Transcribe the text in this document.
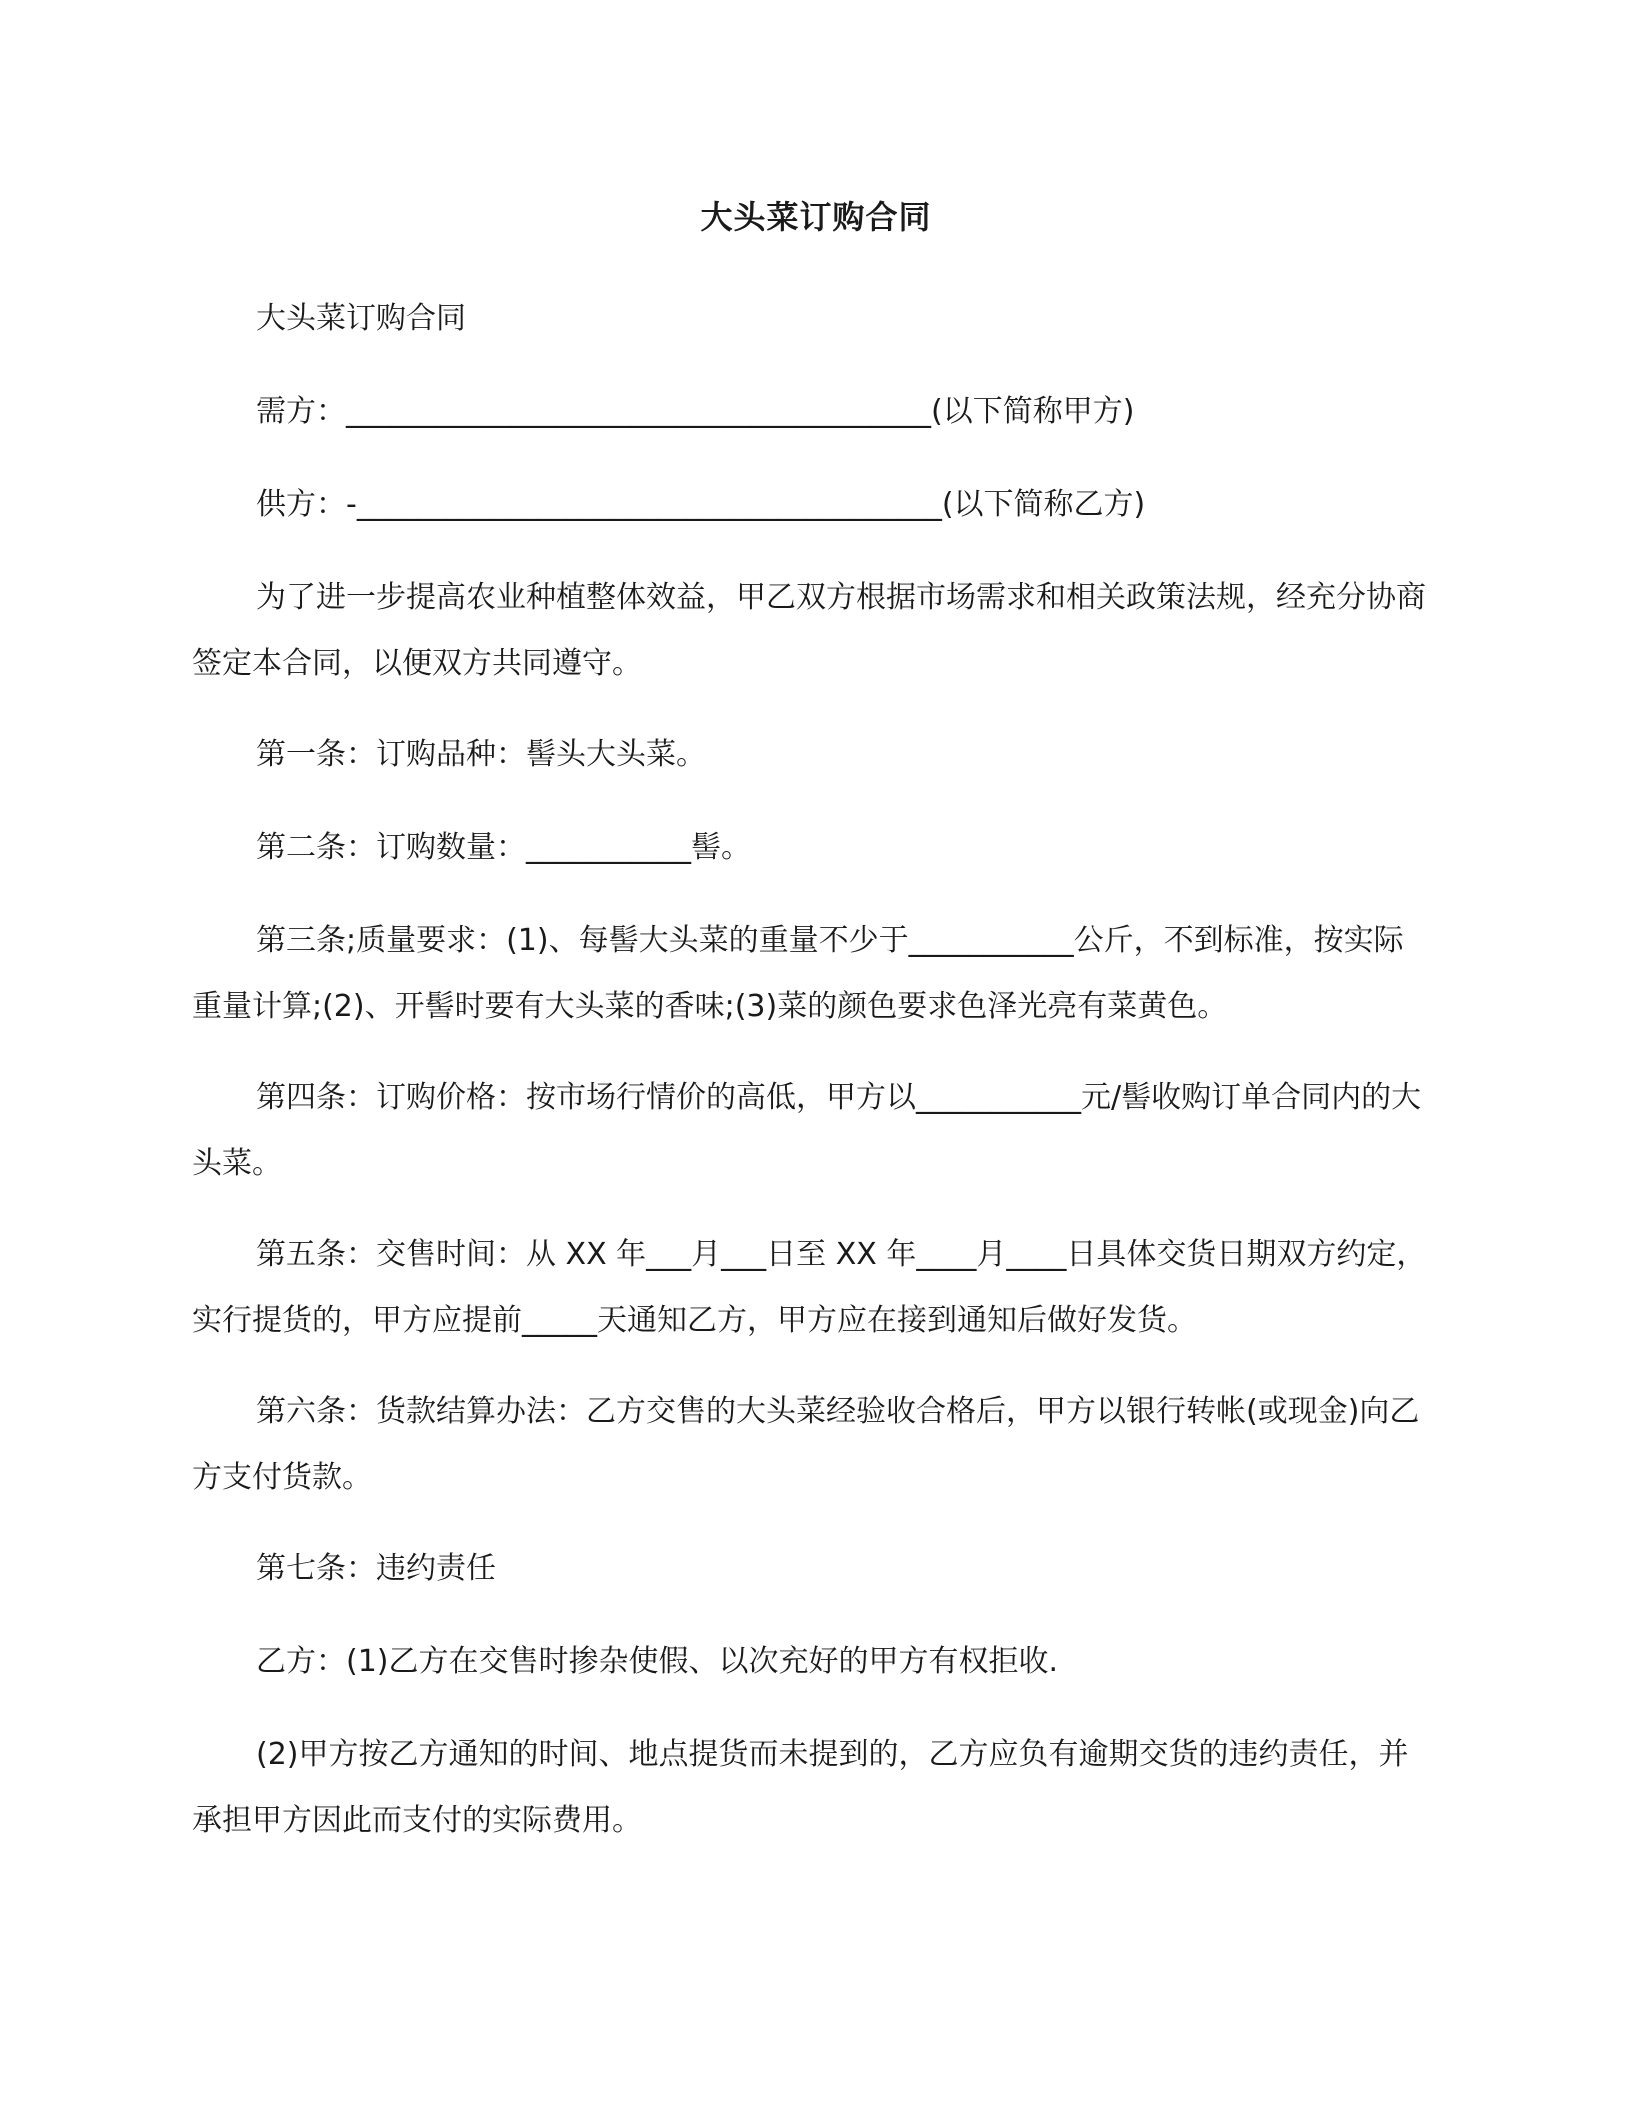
大头菜订购合同

大头菜订购合同

需方：_______________________________________(以下简称甲方)

供方：-_______________________________________(以下简称乙方)

为了进一步提高农业种植整体效益，甲乙双方根据市场需求和相关政策法规，经充分协商签定本合同，以便双方共同遵守。

第一条：订购品种：髻头大头菜。

第二条：订购数量：___________髻。

第三条;质量要求：(1)、每髻大头菜的重量不少于___________公斤，不到标准，按实际重量计算;(2)、开髻时要有大头菜的香味;(3)菜的颜色要求色泽光亮有菜黄色。

第四条：订购价格：按市场行情价的高低，甲方以___________元/髻收购订单合同内的大头菜。

第五条：交售时间：从 XX 年___月___日至 XX 年____月____日具体交货日期双方约定，实行提货的，甲方应提前_____天通知乙方，甲方应在接到通知后做好发货。

第六条：货款结算办法：乙方交售的大头菜经验收合格后，甲方以银行转帐(或现金)向乙方支付货款。

第七条：违约责任

乙方：(1)乙方在交售时掺杂使假、以次充好的甲方有权拒收.

(2)甲方按乙方通知的时间、地点提货而未提到的，乙方应负有逾期交货的违约责任，并承担甲方因此而支付的实际费用。
